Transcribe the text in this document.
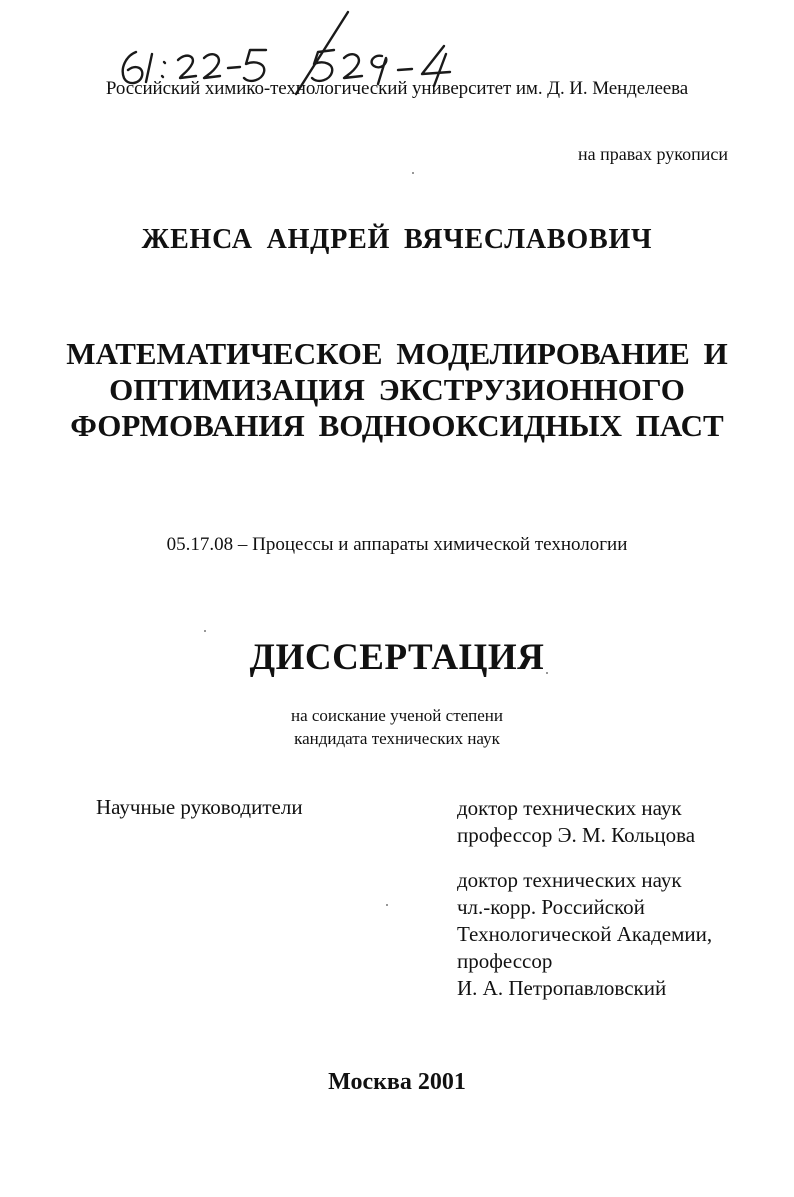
Российский химико-технологический университет им. Д. И. Менделеева
на правах рукописи
ЖЕНСА АНДРЕЙ ВЯЧЕСЛАВОВИЧ
МАТЕМАТИЧЕСКОЕ МОДЕЛИРОВАНИЕ И
ОПТИМИЗАЦИЯ ЭКСТРУЗИОННОГО
ФОРМОВАНИЯ ВОДНООКСИДНЫХ ПАСТ
05.17.08 – Процессы и аппараты химической технологии
ДИССЕРТАЦИЯ
на соискание ученой степени
кандидата технических наук
Научные руководители	доктор технических наук
профессор Э. М. Кольцова
доктор технических наук
чл.-корр. Российской
Технологической Академии,
профессор
И. А. Петропавловский
Москва 2001
